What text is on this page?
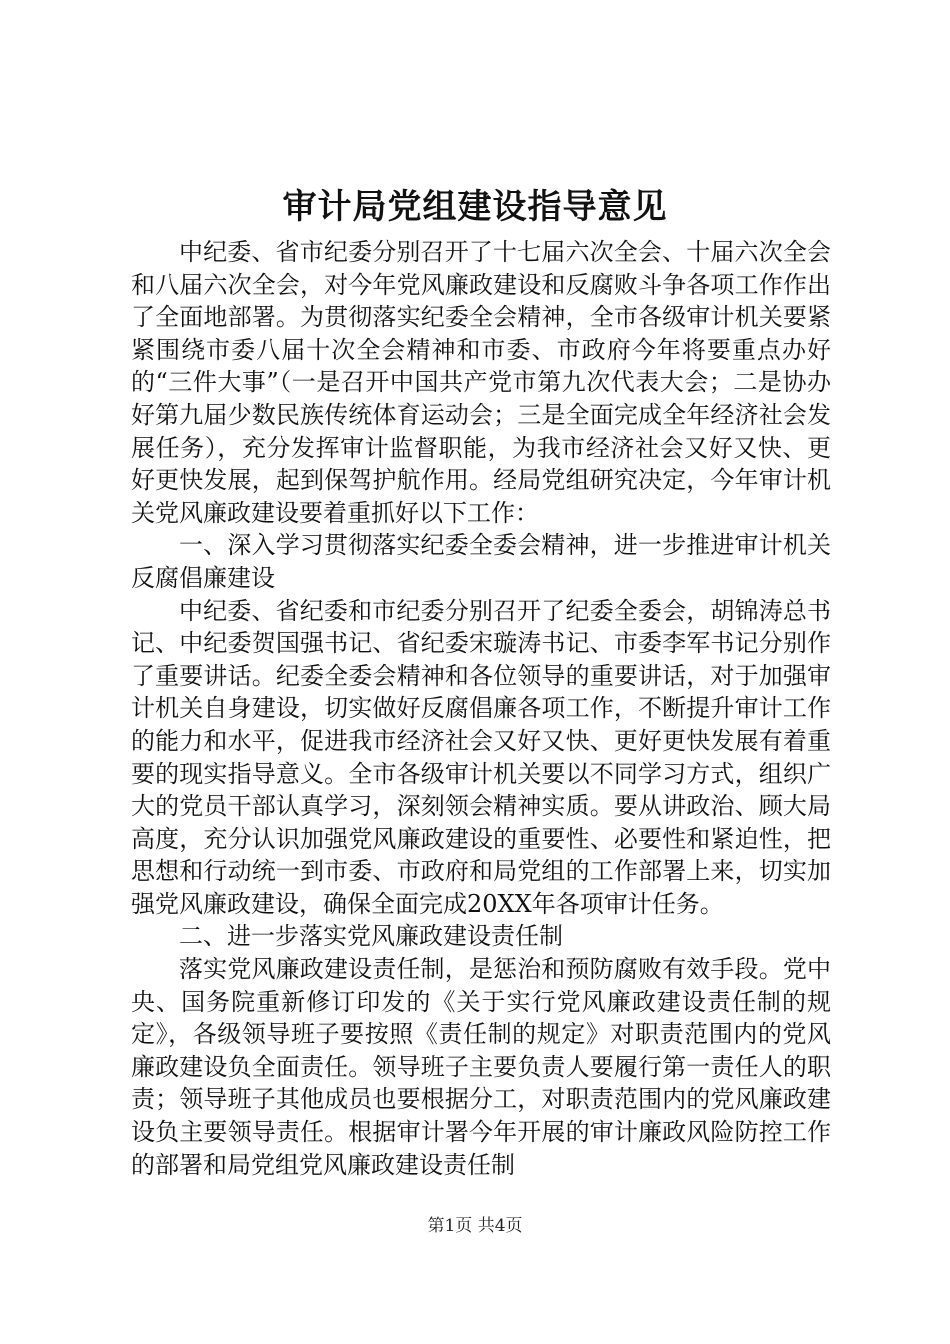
审计局党组建设指导意见

中纪委、省市纪委分别召开了十七届六次全会、十届六次全会和八届六次全会，对今年党风廉政建设和反腐败斗争各项工作作出了全面地部署。为贯彻落实纪委全会精神，全市各级审计机关要紧紧围绕市委八届十次全会精神和市委、市政府今年将要重点办好的“三件大事”（一是召开中国共产党市第九次代表大会；二是协办好第九届少数民族传统体育运动会；三是全面完成全年经济社会发展任务），充分发挥审计监督职能，为我市经济社会又好又快、更好更快发展，起到保驾护航作用。经局党组研究决定，今年审计机关党风廉政建设要着重抓好以下工作：

一、深入学习贯彻落实纪委全委会精神，进一步推进审计机关反腐倡廉建设

中纪委、省纪委和市纪委分别召开了纪委全委会，胡锦涛总书记、中纪委贺国强书记、省纪委宋璇涛书记、市委李军书记分别作了重要讲话。纪委全委会精神和各位领导的重要讲话，对于加强审计机关自身建设，切实做好反腐倡廉各项工作，不断提升审计工作的能力和水平，促进我市经济社会又好又快、更好更快发展有着重要的现实指导意义。全市各级审计机关要以不同学习方式，组织广大的党员干部认真学习，深刻领会精神实质。要从讲政治、顾大局高度，充分认识加强党风廉政建设的重要性、必要性和紧迫性，把思想和行动统一到市委、市政府和局党组的工作部署上来，切实加强党风廉政建设，确保全面完成20XX年各项审计任务。

二、进一步落实党风廉政建设责任制

落实党风廉政建设责任制，是惩治和预防腐败有效手段。党中央、国务院重新修订印发的《关于实行党风廉政建设责任制的规定》，各级领导班子要按照《责任制的规定》对职责范围内的党风廉政建设负全面责任。领导班子主要负责人要履行第一责任人的职责；领导班子其他成员也要根据分工，对职责范围内的党风廉政建设负主要领导责任。根据审计署今年开展的审计廉政风险防控工作的部署和局党组党风廉政建设责任制

第1页 共4页
